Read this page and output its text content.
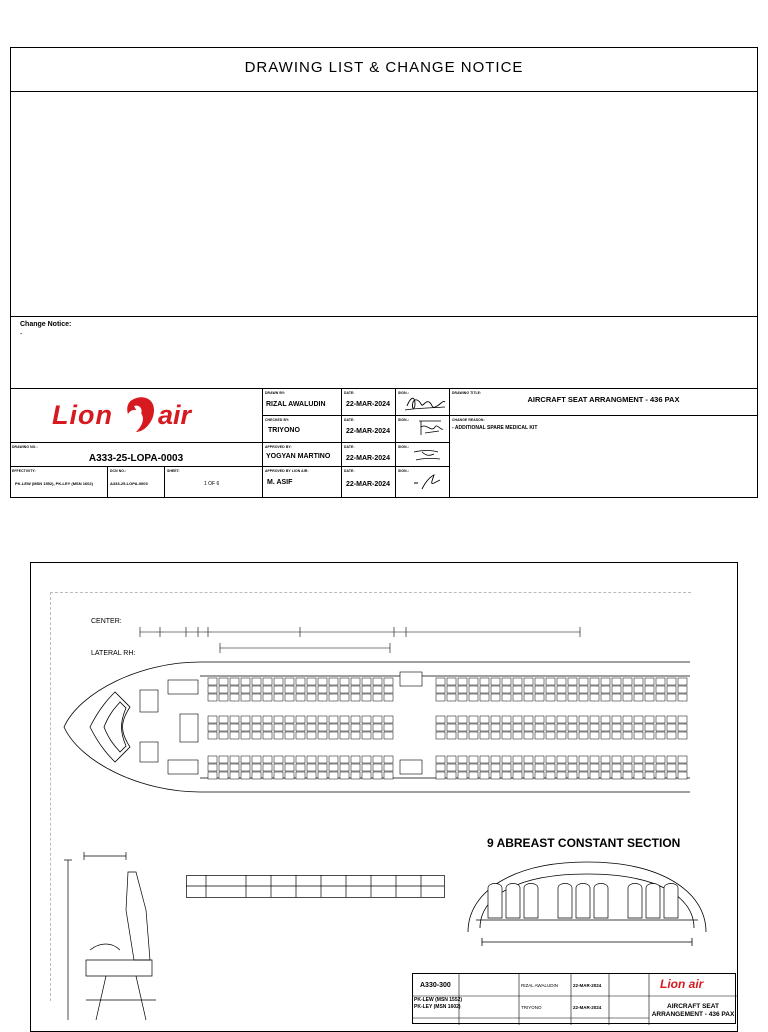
DRAWING LIST & CHANGE NOTICE
Change Notice:
-
Lion air
DRAWN BY:
RIZAL AWALUDIN
DATE:
22-MAR-2024
SIGN.:
CHECKED BY:
TRIYONO
DATE:
22-MAR-2024
SIGN.:
APPROVED BY:
YOGYAN MARTINO
DATE:
22-MAR-2024
SIGN.:
APPROVED BY LION AIR:
M. ASIF
DATE:
22-MAR-2024
SIGN.:
DRAWING TITLE:
AIRCRAFT SEAT ARRANGMENT - 436 PAX
CHANGE REASON:
- ADDITIONAL SPARE MEDICAL KIT
DRAWING NO.:
A333-25-LOPA-0003
EFFECTIVITY:
PK-LEW (MSN 1552), PK-LEY (MSN 1602)
DCN NO.:
A333-25-LOPA-0003
SHEET:
1 OF 6
CENTER:
LATERAL RH:
9 ABREAST CONSTANT SECTION
A330-300
PK-LEW (MSN 1552)
PK-LEY (MSN 1602)
RIZAL AWALUDIN
TRIYONO
22-MAR-2024
22-MAR-2024
Lion air
AIRCRAFT SEAT
ARRANGEMENT - 436 PAX
